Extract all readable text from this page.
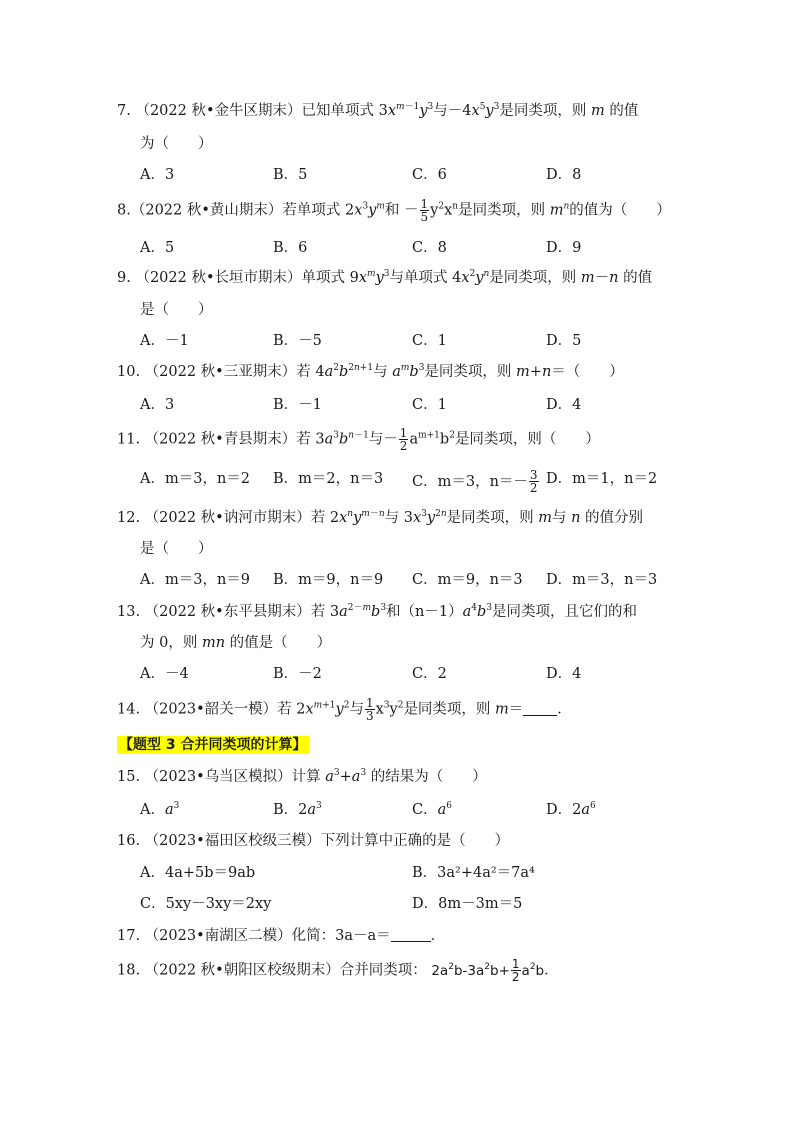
7. （2022 秋•金牛区期末）已知单项式 $3x^{m-1}y^3$与$-4x^5y^3$是同类项，则 m 的值
为（　　）
A．3	B．5	C．6	D．8
8.（2022 秋•黄山期末）若单项式 $2x^3y^m$和 － $\frac{1}{5} y^2x^n$是同类项，则 $m^n$的值为（　　）
A．5	B．6	C．8	D．9
9. （2022 秋•长垣市期末）单项式 $9x^my^3$与单项式 $4x^2y^n$是同类项，则 m－n 的值
是（　　）
A．－1	B．－5	C．1	D．5
10. （2022 秋•三亚期末）若 $4a^2b^{2n+1}$与 $a^mb^3$是同类项，则 m+n＝（　　）
A．3	B．－1	C．1	D．4
11. （2022 秋•青县期末）若 $3a^3b^{n-1}$与－ $\frac{1}{2} a^{m+1}b^2$是同类项，则（　　）
A．m＝3，n＝2 B．m＝2，n＝3 C．m＝3，$n=- \frac{3}{2}$ D．m＝1，n＝2
12. （2022 秋•讷河市期末）若 $2x^ny^{m-n}$与 $3x^3y^{2n}$是同类项，则 m与 n 的值分别
是（　　）
A．m＝3，n＝9 B．m＝9，n＝9 C．m＝9，n＝3 D．m＝3，n＝3
13. （2022 秋•东平县期末）若 $3a^{2-m}b^3$和$(n-1)a^4b^3$是同类项，且它们的和
为 0，则 mn 的值是（　　）
A．－4	B．－2	C．2	D．4
14. （2023•韶关一模）若 $2x^{m+1}y^2$与 $\frac{1}{3} x^3y^2$是同类项，则 m＝ ．
【题型 3 合并同类项的计算】
15. （2023•乌当区模拟）计算 $a^3+a^3$ 的结果为（　　）
A．$a^3$	B．$2a^3$	C．$a^6$	D．$2a^6$
16. （2023•福田区校级三模）下列计算中正确的是（　　）
A．4a+5b＝9ab	B．3a²+4a²＝7a⁴
C．5xy－3xy＝2xy	D．8m－3m＝5
17. （2023•南湖区二模）化简：3a－a＝	．
18. （2022 秋•朝阳区校级期末）合并同类项： $2a^2b-3a^2b+ \frac{1}{2} a^2b$．
